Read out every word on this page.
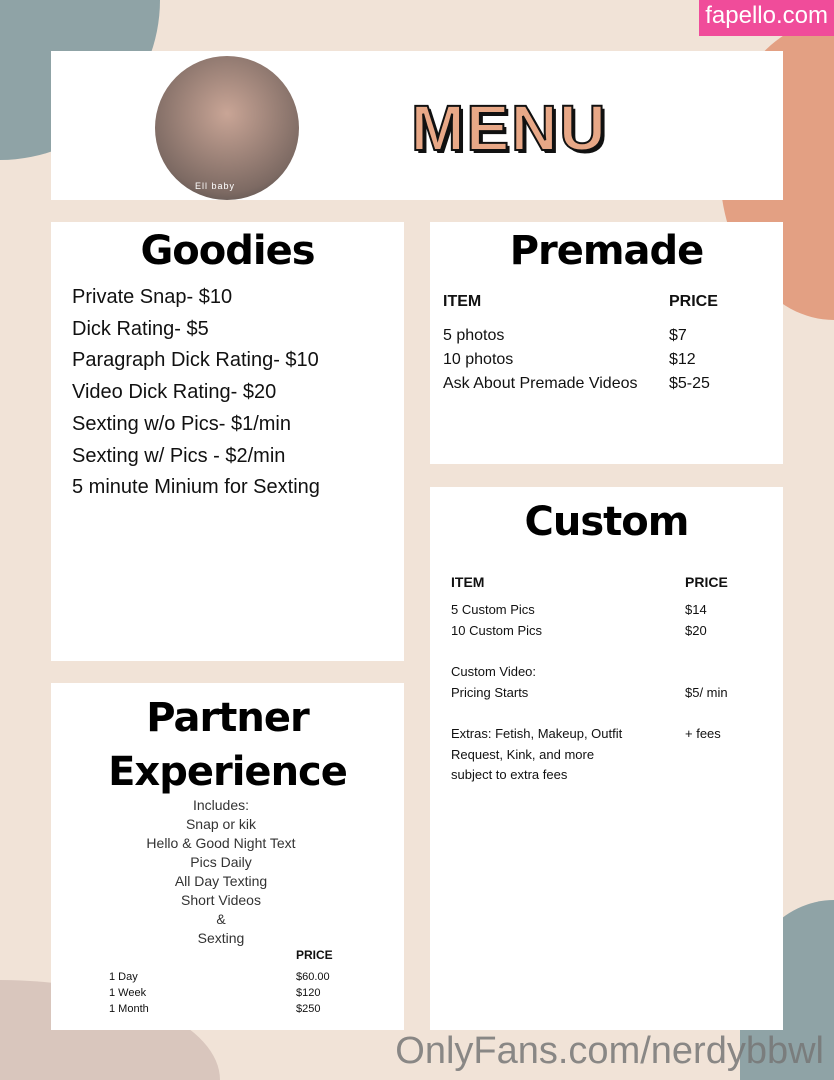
fapello.com
Ell baby
MENU
Goodies
Private Snap- $10
Dick Rating- $5
Paragraph Dick Rating- $10
Video Dick Rating- $20
Sexting w/o Pics- $1/min
Sexting w/ Pics - $2/min
5 minute Minium for Sexting
Premade
ITEM	PRICE
5 photos	$7
10 photos	$12
Ask About Premade Videos $5-25
Custom
ITEM	PRICE
5 Custom Pics	$14
10 Custom Pics	$20
Custom Video:
Pricing Starts	$5/ min
Extras: Fetish, Makeup, Outfit	+ fees
Request, Kink, and more
subject to extra fees
Partner
Experience
Includes:
Snap or kik
Hello & Good Night Text
Pics Daily
All Day Texting
Short Videos
&
Sexting
PRICE
1 Day	$60.00
1 Week	$120
1 Month	$250
OnlyFans.com/nerdybbwl
